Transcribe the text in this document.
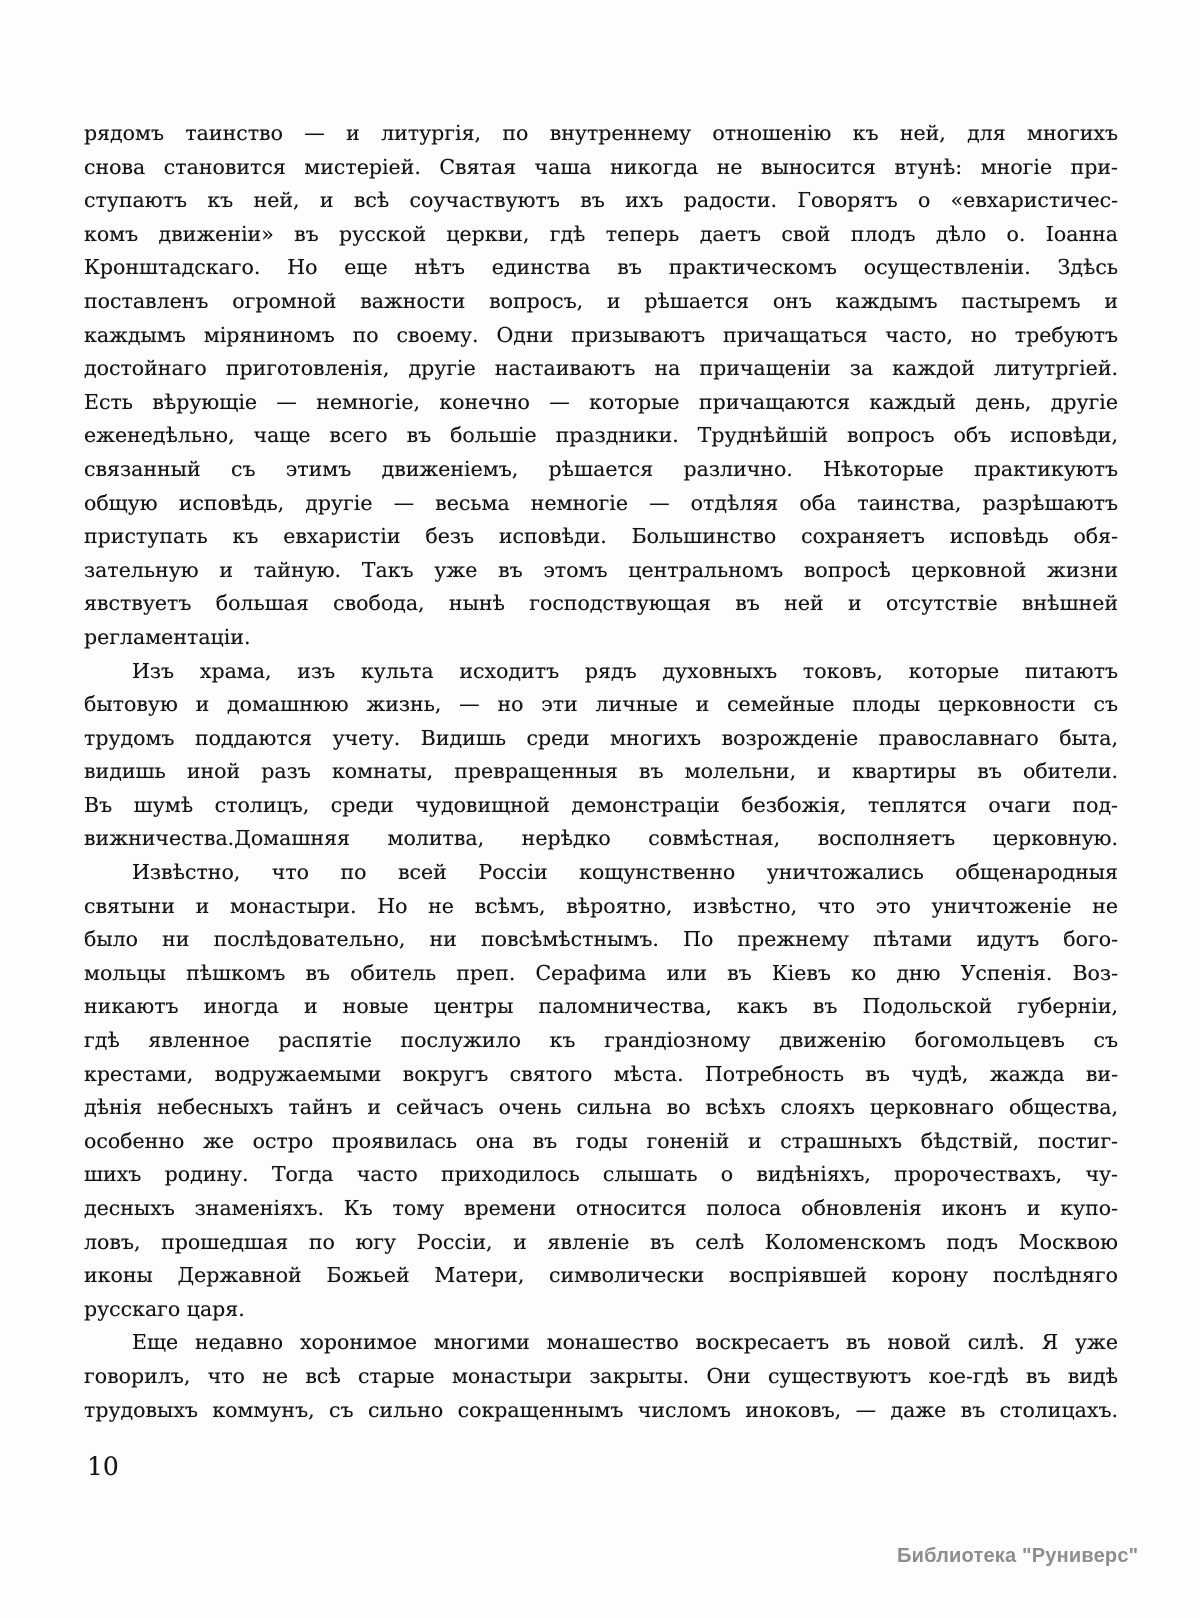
рядомъ таинство — и литургія, по внутреннему отношенію къ ней, для многихъ
снова становится мистеріей. Святая чаша никогда не выносится втунѣ: многіе при-
ступаютъ къ ней, и всѣ соучаствуютъ въ ихъ радости. Говорятъ о «евхаристичес-
комъ движеніи» въ русской церкви, гдѣ теперь даетъ свой плодъ дѣло о. Іоанна
Кронштадскаго. Но еще нѣтъ единства въ практическомъ осуществленіи. Здѣсь
поставленъ огромной важности вопросъ, и рѣшается онъ каждымъ пастыремъ и
каждымъ міряниномъ по своему. Одни призываютъ причащаться часто, но требуютъ
достойнаго приготовленія, другіе настаиваютъ на причащеніи за каждой литутргіей.
Есть вѣрующіе — немногіе, конечно — которые причащаются каждый день, другіе
еженедѣльно, чаще всего въ большіе праздники. Труднѣйшій вопросъ объ исповѣди,
связанный съ этимъ движеніемъ, рѣшается различно. Нѣкоторые практикуютъ
общую исповѣдь, другіе — весьма немногіе — отдѣляя оба таинства, разрѣшаютъ
приступать къ евхаристіи безъ исповѣди. Большинство сохраняетъ исповѣдь обя-
зательную и тайную. Такъ уже въ этомъ центральномъ вопросѣ церковной жизни
явствуетъ большая свобода, нынѣ господствующая въ ней и отсутствіе внѣшней
регламентаціи.
Изъ храма, изъ культа исходитъ рядъ духовныхъ токовъ, которые питаютъ
бытовую и домашнюю жизнь, — но эти личные и семейные плоды церковности съ
трудомъ поддаются учету. Видишь среди многихъ возрожденіе православнаго быта,
видишь иной разъ комнаты, превращенныя въ молельни, и квартиры въ обители.
Въ шумѣ столицъ, среди чудовищной демонстраціи безбожія, теплятся очаги под-
вижничества.Домашняя молитва, нерѣдко совмѣстная, восполняетъ церковную.
Извѣстно, что по всей Россіи кощунственно уничтожались общенародныя
святыни и монастыри. Но не всѣмъ, вѣроятно, извѣстно, что это уничтоженіе не
было ни послѣдовательно, ни повсѣмѣстнымъ. По прежнему пѣтами идутъ бого-
мольцы пѣшкомъ въ обитель преп. Серафима или въ Кіевъ ко дню Успенія. Воз-
никаютъ иногда и новые центры паломничества, какъ въ Подольской губерніи,
гдѣ явленное распятіе послужило къ грандіозному движенію богомольцевъ съ
крестами, водружаемыми вокругъ святого мѣста. Потребность въ чудѣ, жажда ви-
дѣнія небесныхъ тайнъ и сейчасъ очень сильна во всѣхъ слояхъ церковнаго общества,
особенно же остро проявилась она въ годы гоненій и страшныхъ бѣдствій, постиг-
шихъ родину. Тогда часто приходилось слышать о видѣніяхъ, пророчествахъ, чу-
десныхъ знаменіяхъ. Къ тому времени относится полоса обновленія иконъ и купо-
ловъ, прошедшая по югу Россіи, и явленіе въ селѣ Коломенскомъ подъ Москвою
иконы Державной Божьей Матери, символически воспріявшей корону послѣдняго
русскаго царя.
Еще недавно хоронимое многими монашество воскресаетъ въ новой силѣ. Я уже
говорилъ, что не всѣ старые монастыри закрыты. Они существуютъ кое-гдѣ въ видѣ
трудовыхъ коммунъ, съ сильно сокращеннымъ числомъ иноковъ, — даже въ столицахъ.
10
Библиотека "Руниверс"
